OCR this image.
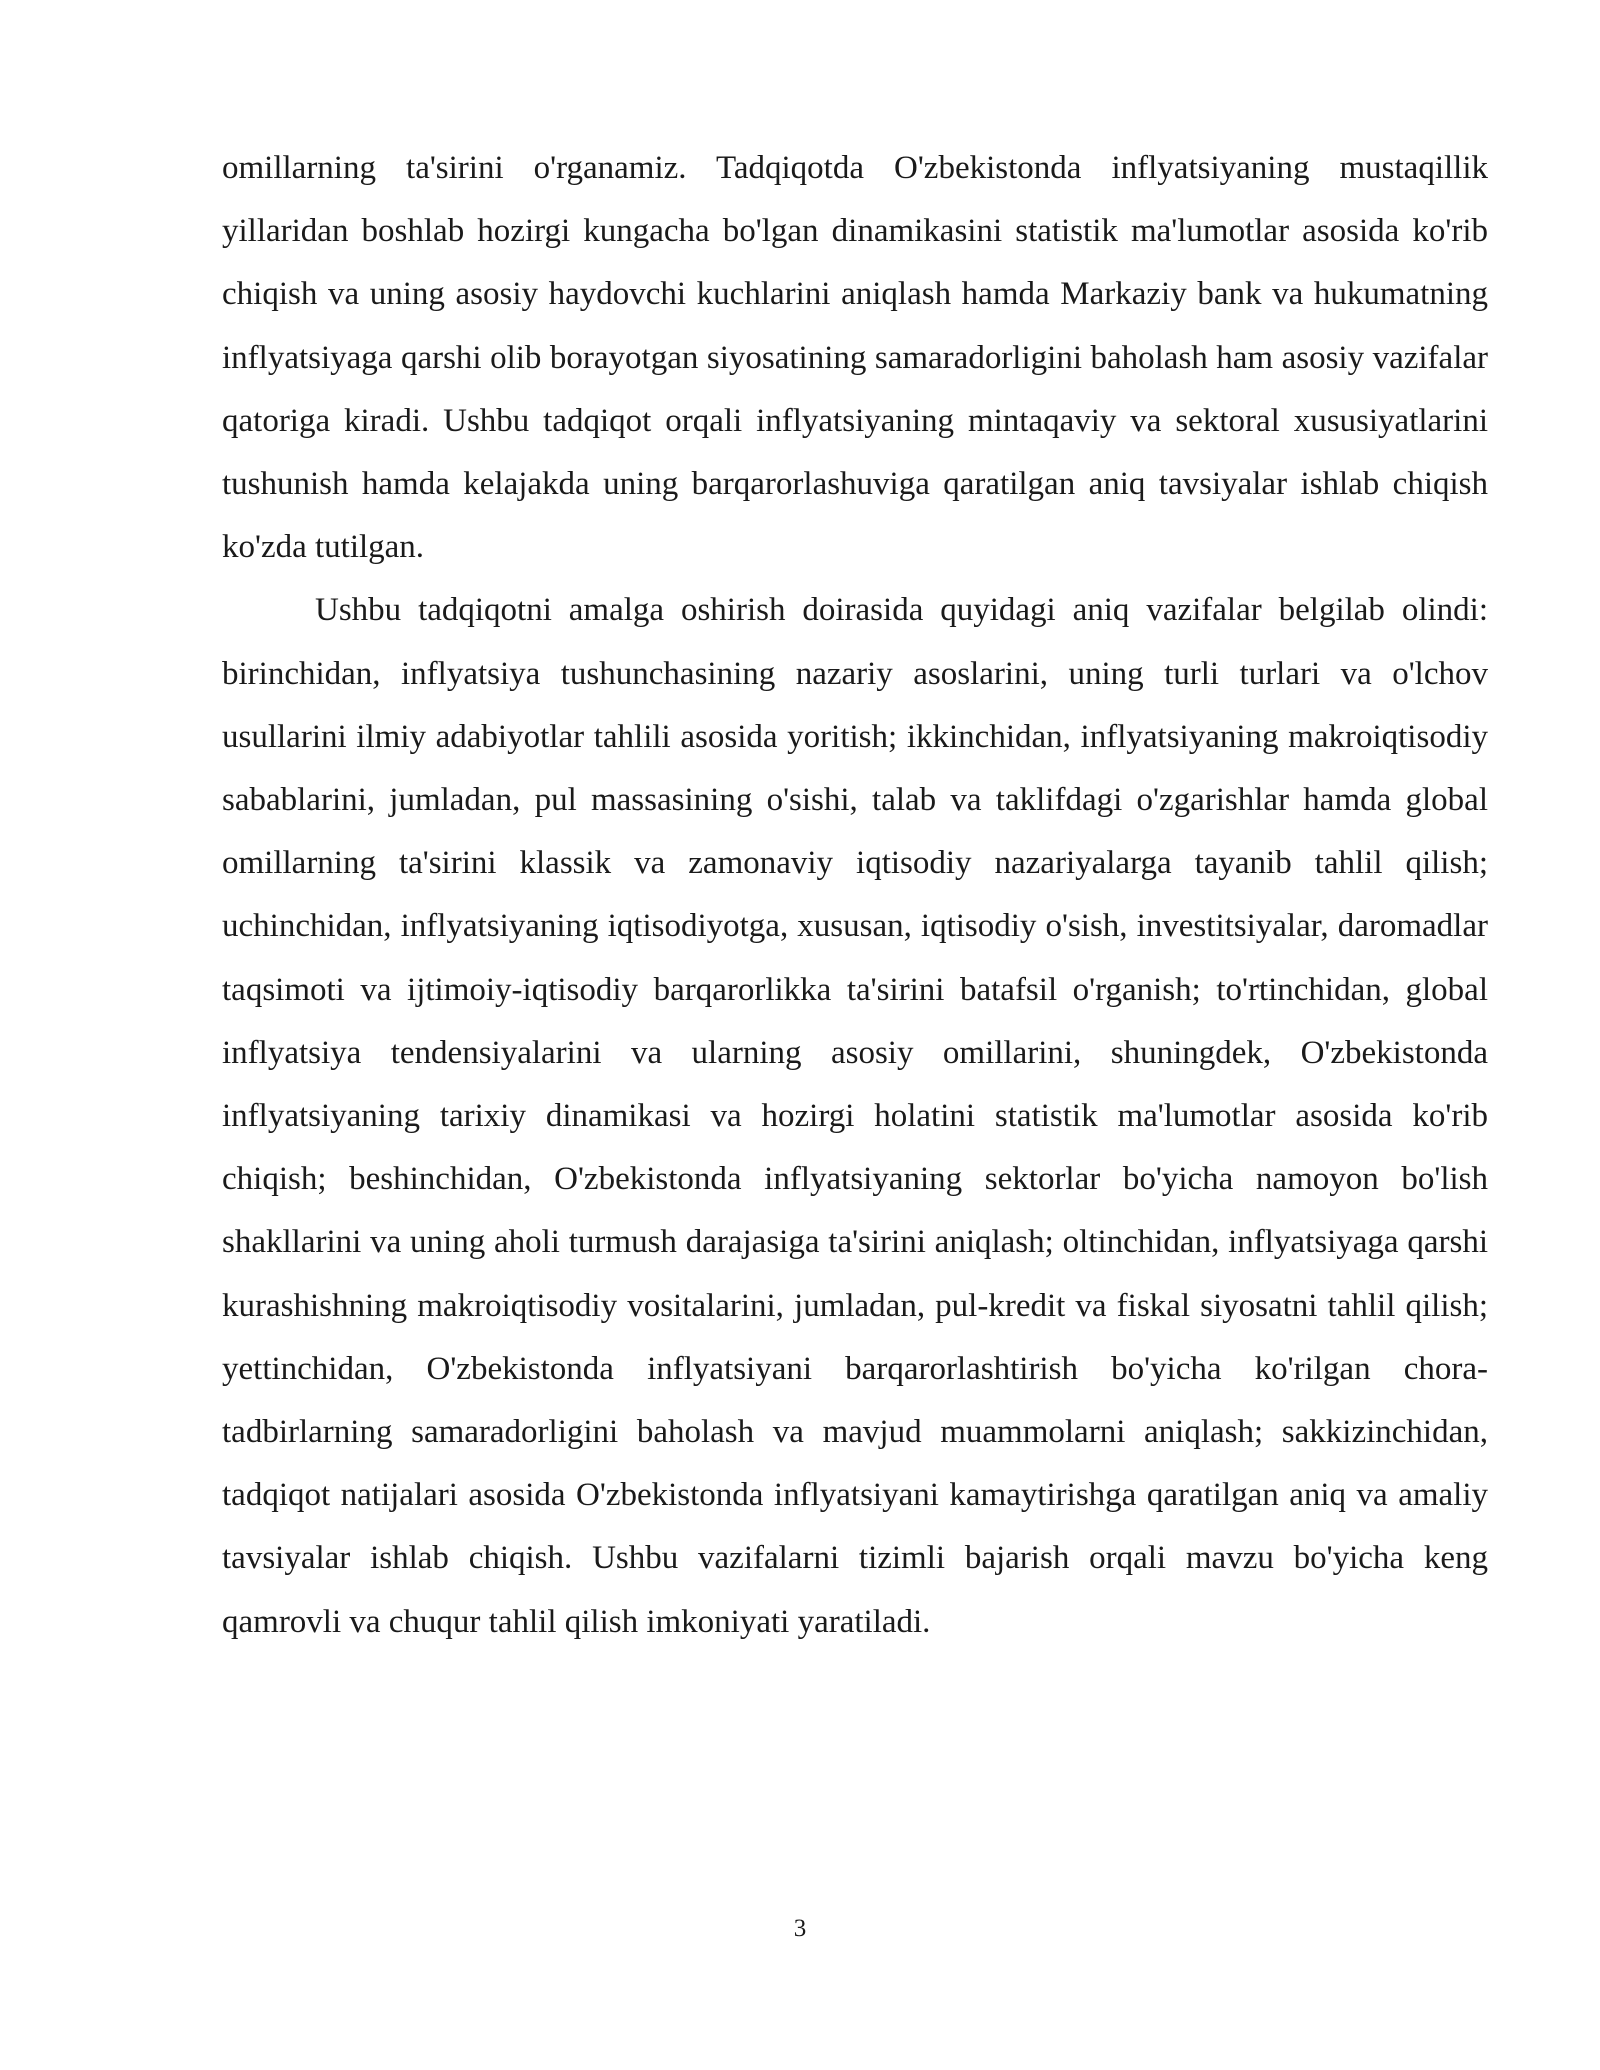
omillarning ta'sirini o'rganamiz. Tadqiqotda O'zbekistonda inflyatsiyaning mustaqillik yillaridan boshlab hozirgi kungacha bo'lgan dinamikasini statistik ma'lumotlar asosida ko'rib chiqish va uning asosiy haydovchi kuchlarini aniqlash hamda Markaziy bank va hukumatning inflyatsiyaga qarshi olib borayotgan siyosatining samaradorligini baholash ham asosiy vazifalar qatoriga kiradi. Ushbu tadqiqot orqali inflyatsiyaning mintaqaviy va sektoral xususiyatlarini tushunish hamda kelajakda uning barqarorlashuviga qaratilgan aniq tavsiyalar ishlab chiqish ko'zda tutilgan.

Ushbu tadqiqotni amalga oshirish doirasida quyidagi aniq vazifalar belgilab olindi: birinchidan, inflyatsiya tushunchasining nazariy asoslarini, uning turli turlari va o'lchov usullarini ilmiy adabiyotlar tahlili asosida yoritish; ikkinchidan, inflyatsiyaning makroiqtisodiy sabablarini, jumladan, pul massasining o'sishi, talab va taklifdagi o'zgarishlar hamda global omillarning ta'sirini klassik va zamonaviy iqtisodiy nazariyalarga tayanib tahlil qilish; uchinchidan, inflyatsiyaning iqtisodiyotga, xususan, iqtisodiy o'sish, investitsiyalar, daromadlar taqsimoti va ijtimoiy-iqtisodiy barqarorlikka ta'sirini batafsil o'rganish; to'rtinchidan, global inflyatsiya tendensiyalarini va ularning asosiy omillarini, shuningdek, O'zbekistonda inflyatsiyaning tarixiy dinamikasi va hozirgi holatini statistik ma'lumotlar asosida ko'rib chiqish; beshinchidan, O'zbekistonda inflyatsiyaning sektorlar bo'yicha namoyon bo'lish shakllarini va uning aholi turmush darajasiga ta'sirini aniqlash; oltinchidan, inflyatsiyaga qarshi kurashishning makroiqtisodiy vositalarini, jumladan, pul-kredit va fiskal siyosatni tahlil qilish; yettinchidan, O'zbekistonda inflyatsiyani barqarorlashtirish bo'yicha ko'rilgan chora-tadbirlarning samaradorligini baholash va mavjud muammolarni aniqlash; sakkizinchidan, tadqiqot natijalari asosida O'zbekistonda inflyatsiyani kamaytirishga qaratilgan aniq va amaliy tavsiyalar ishlab chiqish. Ushbu vazifalarni tizimli bajarish orqali mavzu bo'yicha keng qamrovli va chuqur tahlil qilish imkoniyati yaratiladi.

3
